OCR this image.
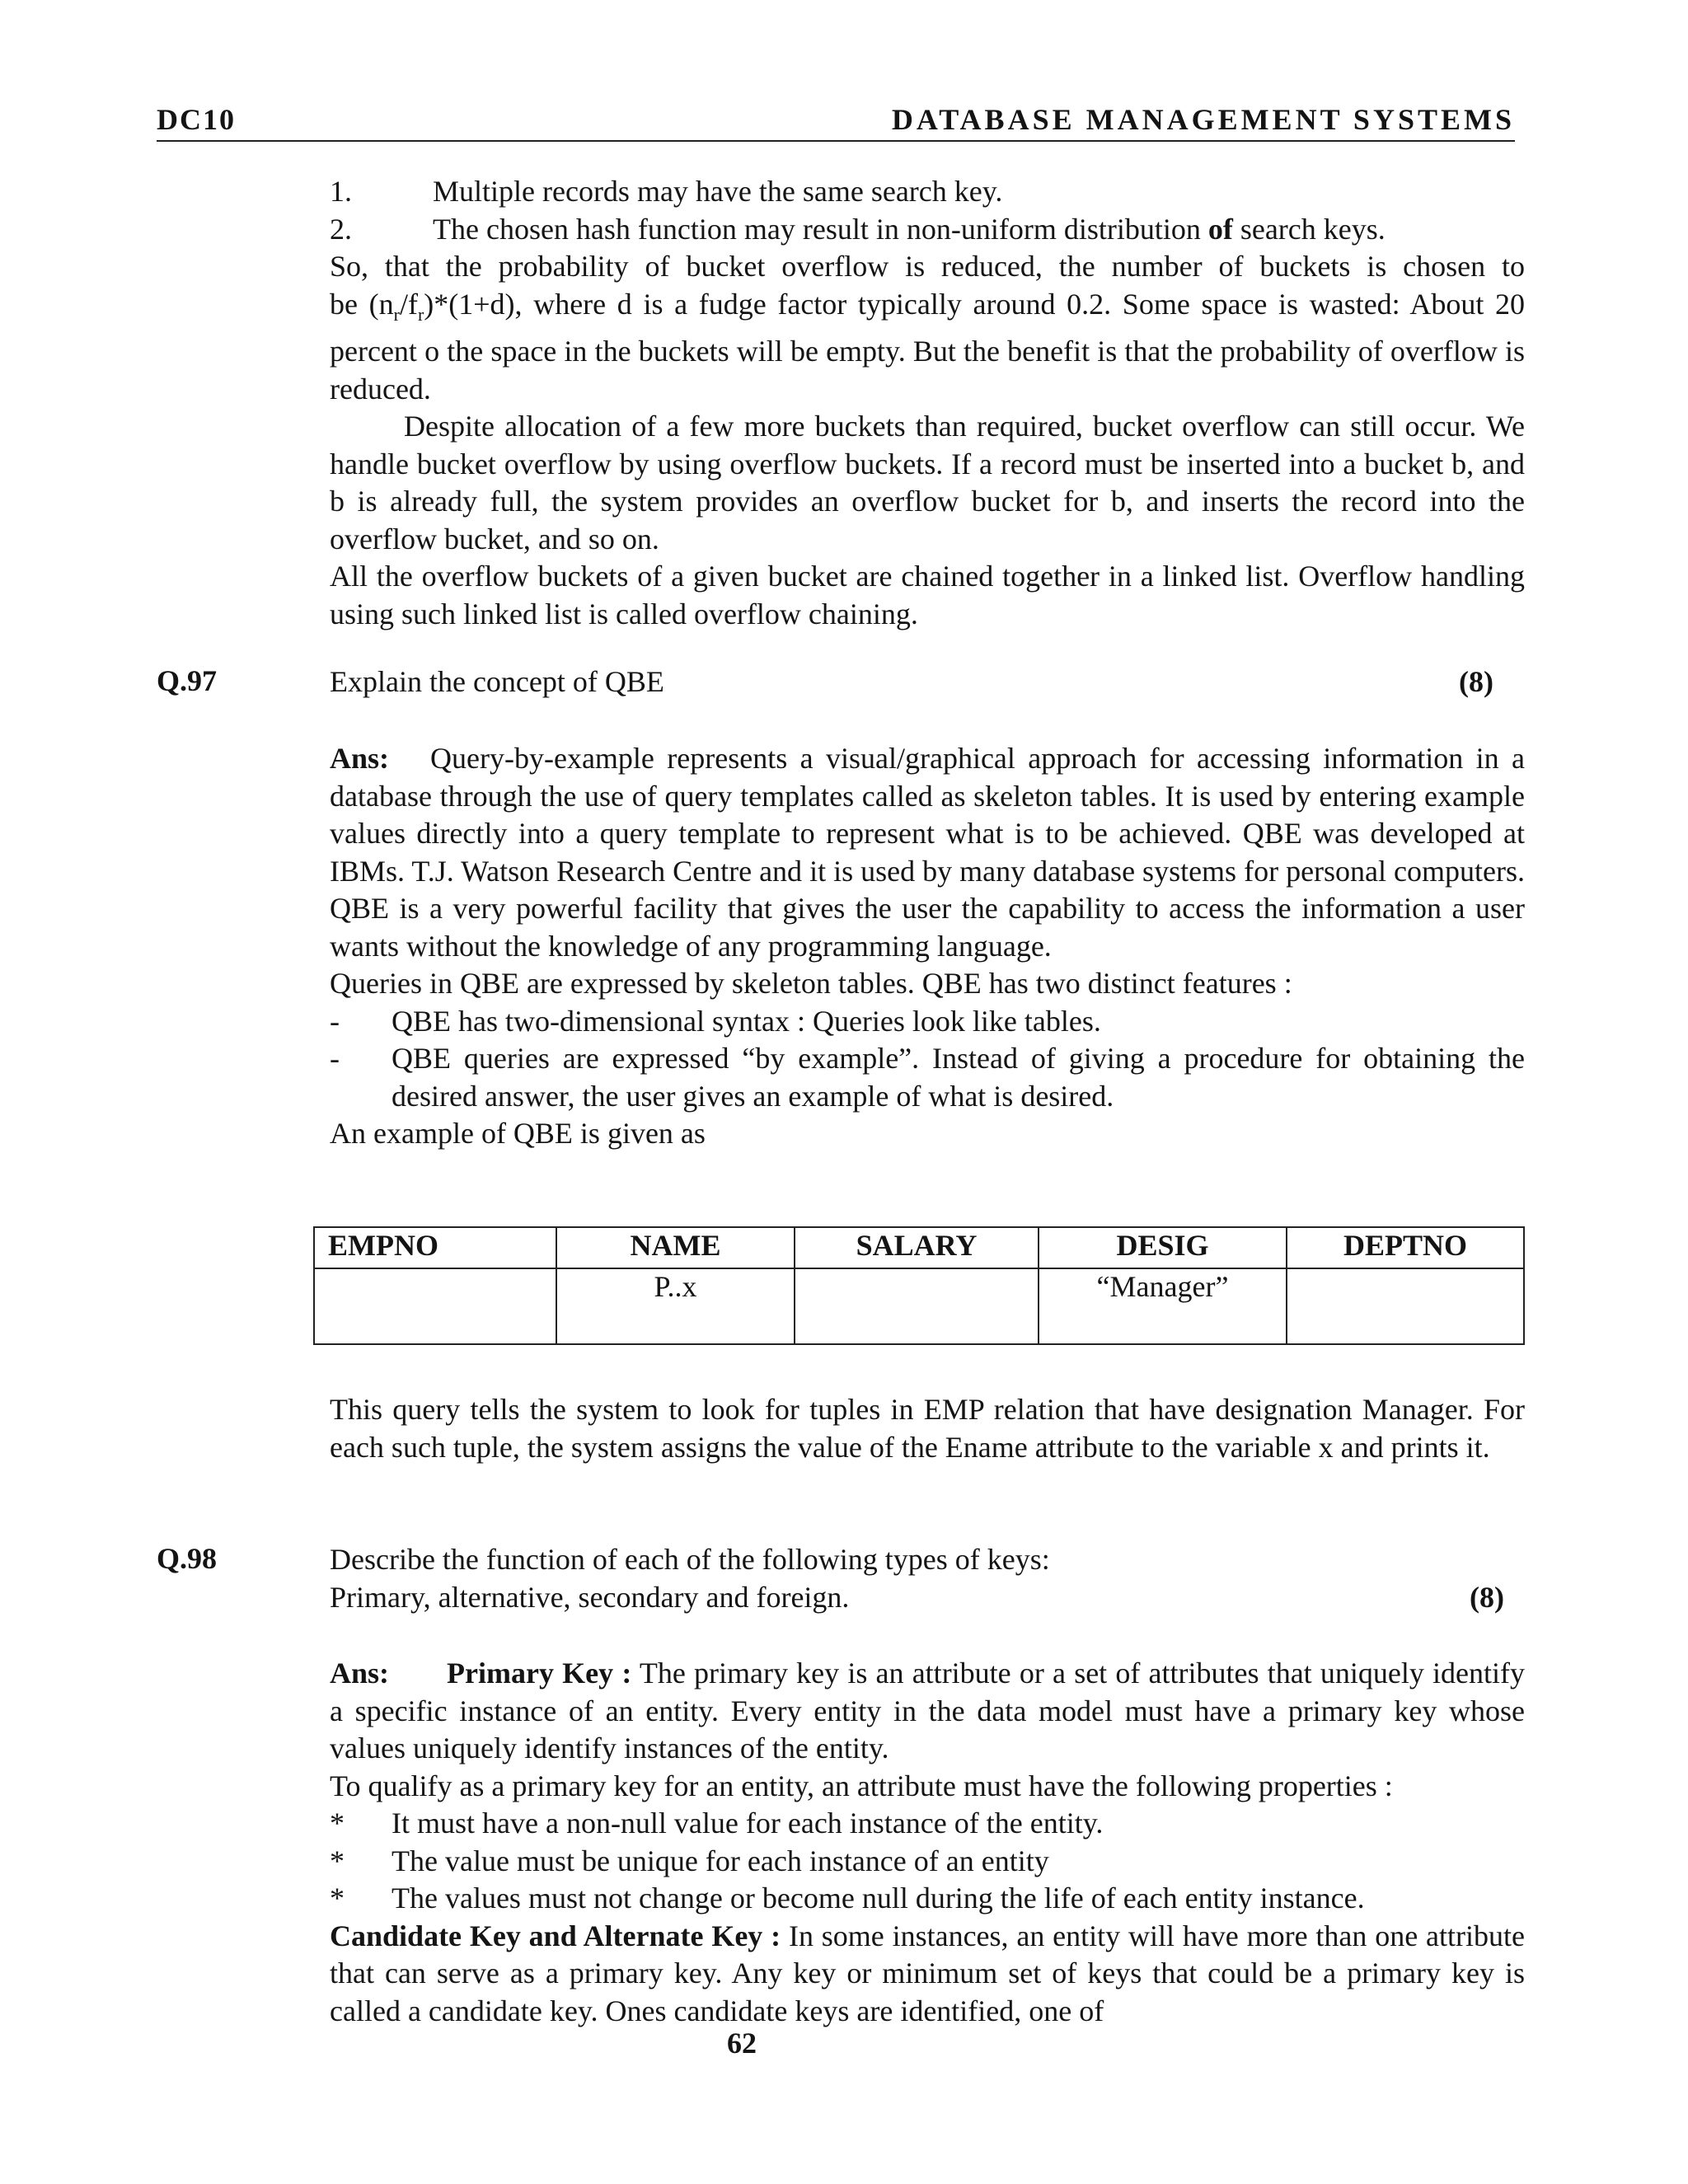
DC10	DATABASE MANAGEMENT SYSTEMS
1.	Multiple records may have the same search key.
2.	The chosen hash function may result in non-uniform distribution of search keys.
So, that the probability of bucket overflow is reduced, the number of buckets is chosen to
be $(n_r/f_r)*(1+d)$, where d is a fudge factor typically around 0.2. Some space is wasted: About 20 percent o the space in the buckets will be empty. But the benefit is that the probability of overflow is reduced.
Despite allocation of a few more buckets than required, bucket overflow can still occur. We handle bucket overflow by using overflow buckets. If a record must be inserted into a bucket b, and b is already full, the system provides an overflow bucket for b, and inserts the record into the overflow bucket, and so on.
All the overflow buckets of a given bucket are chained together in a linked list. Overflow handling using such linked list is called overflow chaining.
Q.97	Explain the concept of QBE	(8)
Ans: Query-by-example represents a visual/graphical approach for accessing information in a database through the use of query templates called as skeleton tables. It is used by entering example values directly into a query template to represent what is to be achieved. QBE was developed at IBMs. T.J. Watson Research Centre and it is used by many database systems for personal computers. QBE is a very powerful facility that gives the user the capability to access the information a user wants without the knowledge of any programming language.
Queries in QBE are expressed by skeleton tables. QBE has two distinct features :
- QBE has two-dimensional syntax : Queries look like tables.
- QBE queries are expressed “by example”. Instead of giving a procedure for obtaining the desired answer, the user gives an example of what is desired.
An example of QBE is given as
EMPNO	NAME	SALARY	DESIG	DEPTNO
	P..x		“Manager”	
This query tells the system to look for tuples in EMP relation that have designation Manager. For each such tuple, the system assigns the value of the Ename attribute to the variable x and prints it.
Q.98	Describe the function of each of the following types of keys:
Primary, alternative, secondary and foreign.	(8)
Ans: Primary Key : The primary key is an attribute or a set of attributes that uniquely identify a specific instance of an entity. Every entity in the data model must have a primary key whose values uniquely identify instances of the entity.
To qualify as a primary key for an entity, an attribute must have the following properties :
* It must have a non-null value for each instance of the entity.
* The value must be unique for each instance of an entity
* The values must not change or become null during the life of each entity instance.
Candidate Key and Alternate Key : In some instances, an entity will have more than one attribute that can serve as a primary key. Any key or minimum set of keys that could be a primary key is called a candidate key. Ones candidate keys are identified, one of
62
